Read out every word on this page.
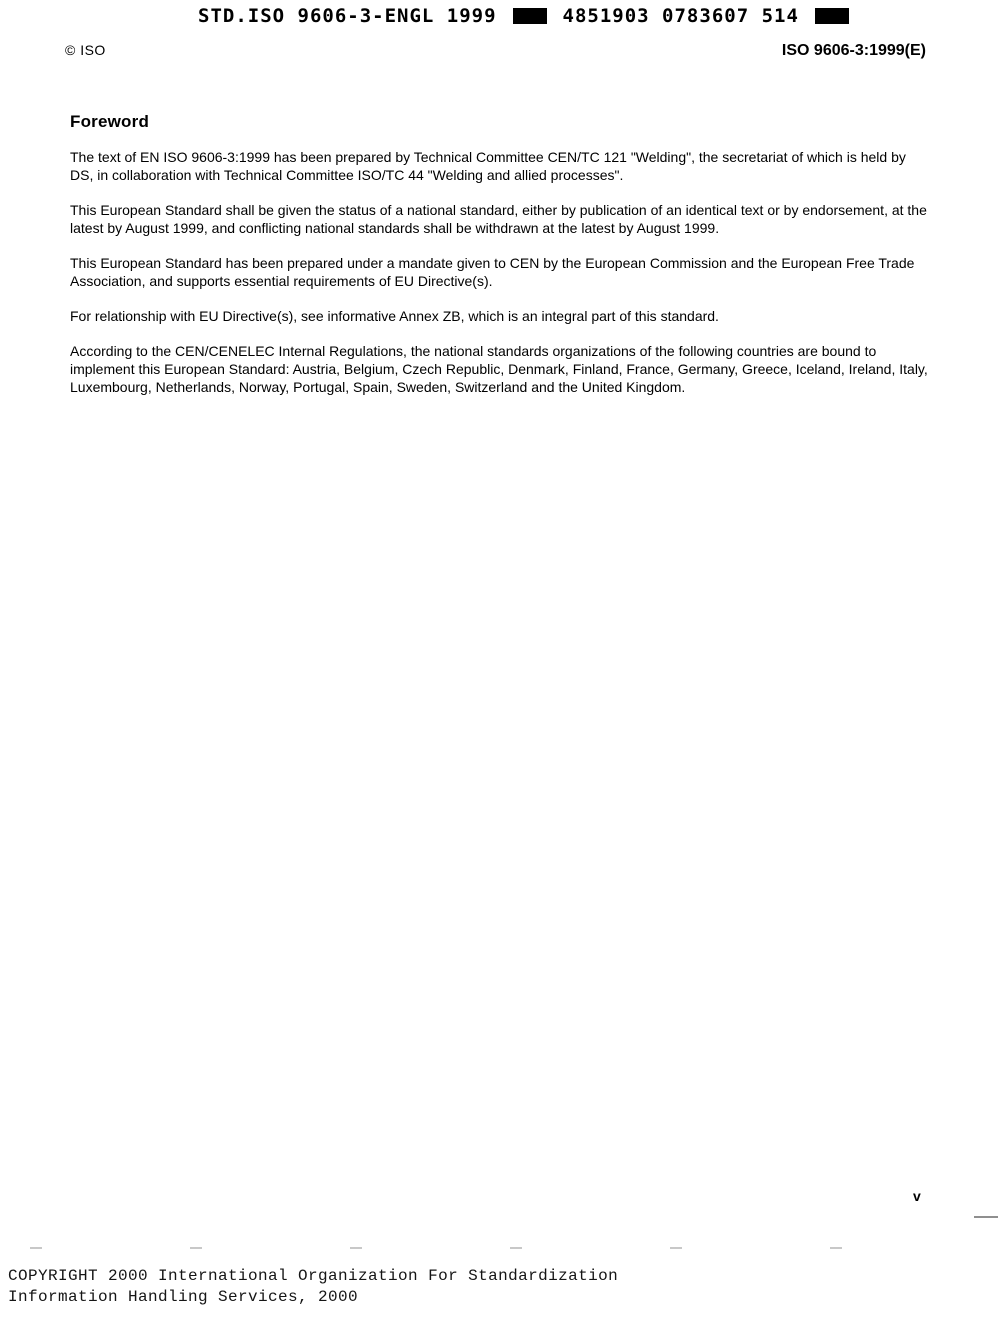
STD.ISO 9606-3-ENGL 1999	4851903 0783607 514
© ISO	ISO 9606-3:1999(E)
Foreword

The text of EN ISO 9606-3:1999 has been prepared by Technical Committee CEN/TC 121 "Welding", the secretariat of which is held by DS, in collaboration with Technical Committee ISO/TC 44 "Welding and allied processes".

This European Standard shall be given the status of a national standard, either by publication of an identical text or by endorsement, at the latest by August 1999, and conflicting national standards shall be withdrawn at the latest by August 1999.

This European Standard has been prepared under a mandate given to CEN by the European Commission and the European Free Trade Association, and supports essential requirements of EU Directive(s).

For relationship with EU Directive(s), see informative Annex ZB, which is an integral part of this standard.

According to the CEN/CENELEC Internal Regulations, the national standards organizations of the following countries are bound to implement this European Standard: Austria, Belgium, Czech Republic, Denmark, Finland, France, Germany, Greece, Iceland, Ireland, Italy, Luxembourg, Netherlands, Norway, Portugal, Spain, Sweden, Switzerland and the United Kingdom.

v
COPYRIGHT 2000 International Organization For Standardization
Information Handling Services, 2000
